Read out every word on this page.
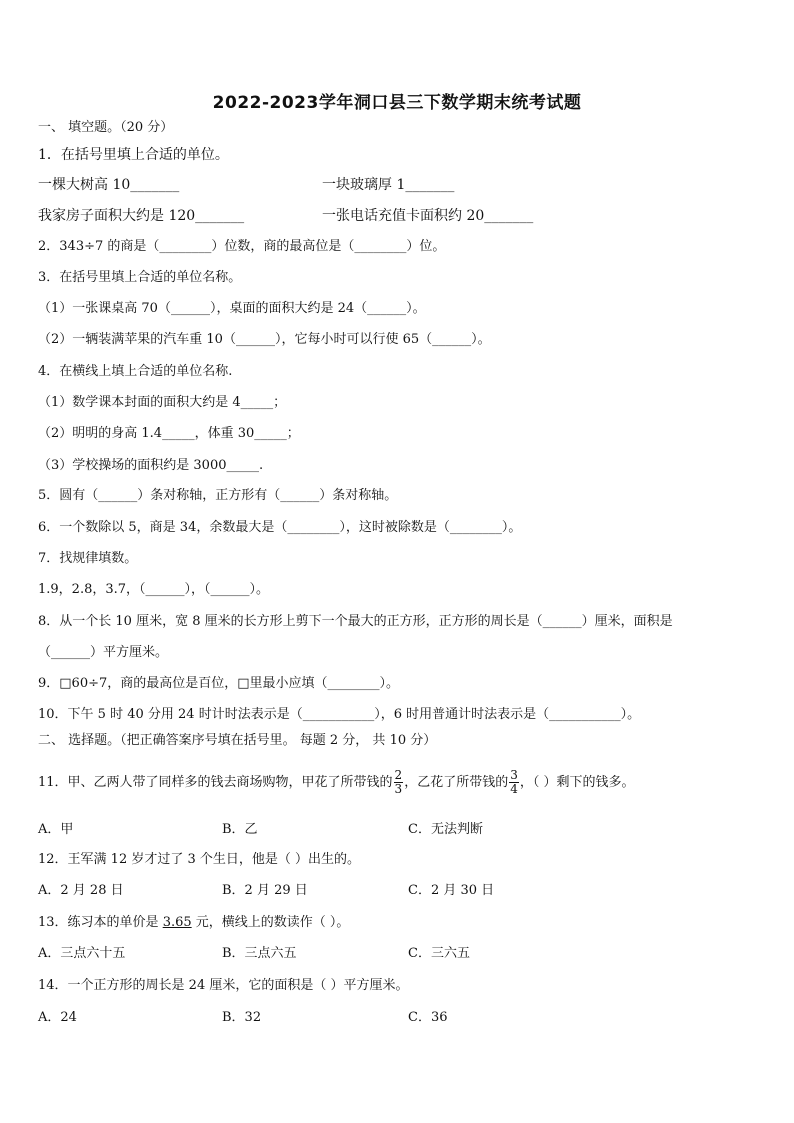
2022-2023学年洞口县三下数学期末统考试题
一、 填空题。（20 分）
1．在括号里填上合适的单位。
一棵大树高 10_______	一块玻璃厚 1_______
我家房子面积大约是 120_______	一张电话充值卡面积约 20_______
2．343÷7 的商是（________）位数，商的最高位是（________）位。
3．在括号里填上合适的单位名称。
（1）一张课桌高 70（______），桌面的面积大约是 24（______）。
（2）一辆装满苹果的汽车重 10（______），它每小时可以行使 65（______）。
4．在横线上填上合适的单位名称.
（1）数学课本封面的面积大约是 4_____；
（2）明明的身高 1.4_____，体重 30_____；
（3）学校操场的面积约是 3000_____.
5．圆有（______）条对称轴，正方形有（______）条对称轴。
6．一个数除以 5，商是 34，余数最大是（________），这时被除数是（________）。
7．找规律填数。
1.9，2.8，3.7，（______），（______）。
8．从一个长 10 厘米，宽 8 厘米的长方形上剪下一个最大的正方形，正方形的周长是（______）厘米，面积是
（______）平方厘米。
9．□60÷7，商的最高位是百位，□里最小应填（________）。
10．下午 5 时 40 分用 24 时计时法表示是（___________），6 时用普通计时法表示是（___________）。
二、 选择题。（把正确答案序号填在括号里。 每题 2 分， 共 10 分）
11．甲、乙两人带了同样多的钱去商场购物，甲花了所带钱的 $\frac{2}{3}$ ，乙花了所带钱的 $\frac{3}{4}$ ，（ ）剩下的钱多。
A．甲	B．乙	C．无法判断
12．王军满 12 岁才过了 3 个生日，他是（ ）出生的。
A．2 月 28 日	B．2 月 29 日	C．2 月 30 日
13．练习本的单价是 3.65 元，横线上的数读作（ ）。
A．三点六十五	B．三点六五	C．三六五
14．一个正方形的周长是 24 厘米，它的面积是（ ）平方厘米。
A．24	B．32	C．36
